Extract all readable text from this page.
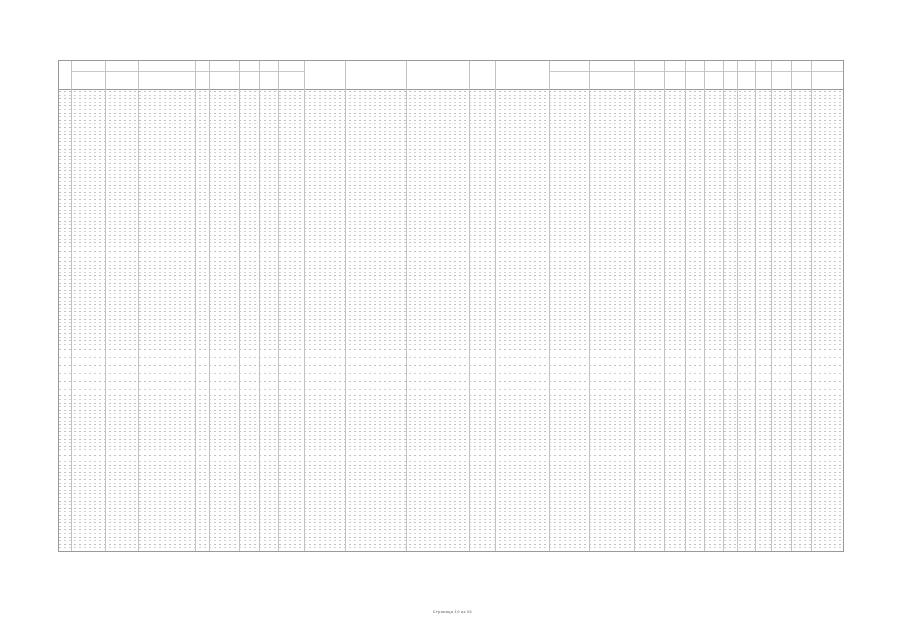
Страница 10 из 51
